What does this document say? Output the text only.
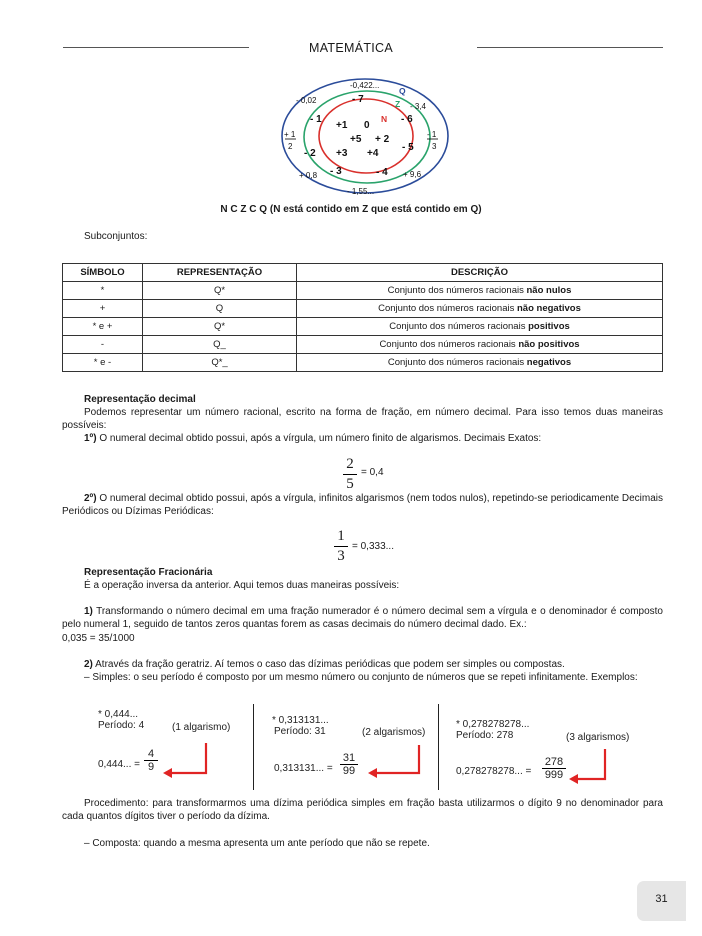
MATEMÁTICA
Q
Z
N
-0,422...
- 0,02
- 3,4
+ 1
2
- 1
3
+ 0,8	+ 9,6
- 1,55...
- 7
- 1	- 6
- 2
- 5
- 3	- 4
+1 0
+5 + 2
+3 +4
N C Z C Q (N está contido em Z que está contido em Q)
Subconjuntos:
SÍMBOLO	REPRESENTAÇÃO	DESCRIÇÃO
*	Q*	Conjunto dos números racionais não nulos
+	Q	Conjunto dos números racionais não negativos
* e +	Q*	Conjunto dos números racionais positivos
-	Q_	Conjunto dos números racionais não positivos
* e -	Q*_	Conjunto dos números racionais negativos
Representação decimal
Podemos representar um número racional, escrito na forma de fração, em número decimal. Para isso temos duas maneiras possíveis:
1º) O numeral decimal obtido possui, após a vírgula, um número finito de algarismos. Decimais Exatos:
2
5
= 0,4
2º) O numeral decimal obtido possui, após a vírgula, infinitos algarismos (nem todos nulos), repetindo-se periodicamente Decimais Periódicos ou Dízimas Periódicas:
1
3
= 0,333...
Representação Fracionária
É a operação inversa da anterior. Aqui temos duas maneiras possíveis:
1) Transformando o número decimal em uma fração numerador é o número decimal sem a vírgula e o denominador é composto pelo numeral 1, seguido de tantos zeros quantas forem as casas decimais do número decimal dado. Ex.:
0,035 = 35/1000
2) Através da fração geratriz. Aí temos o caso das dízimas periódicas que podem ser simples ou compostas.
– Simples: o seu período é composto por um mesmo número ou conjunto de números que se repeti infinitamente. Exemplos:
* 0,444...
Período: 4	(1 algarismo)
0,444... =
4
9
* 0,313131...
Período: 31	(2 algarismos)
0,313131... =
31
99
* 0,278278278...
Período: 278	(3 algarismos)
0,278278278... =
278
999
Procedimento: para transformarmos uma dízima periódica simples em fração basta utilizarmos o dígito 9 no denominador para cada quantos dígitos tiver o período da dízima.
– Composta: quando a mesma apresenta um ante período que não se repete.
31
